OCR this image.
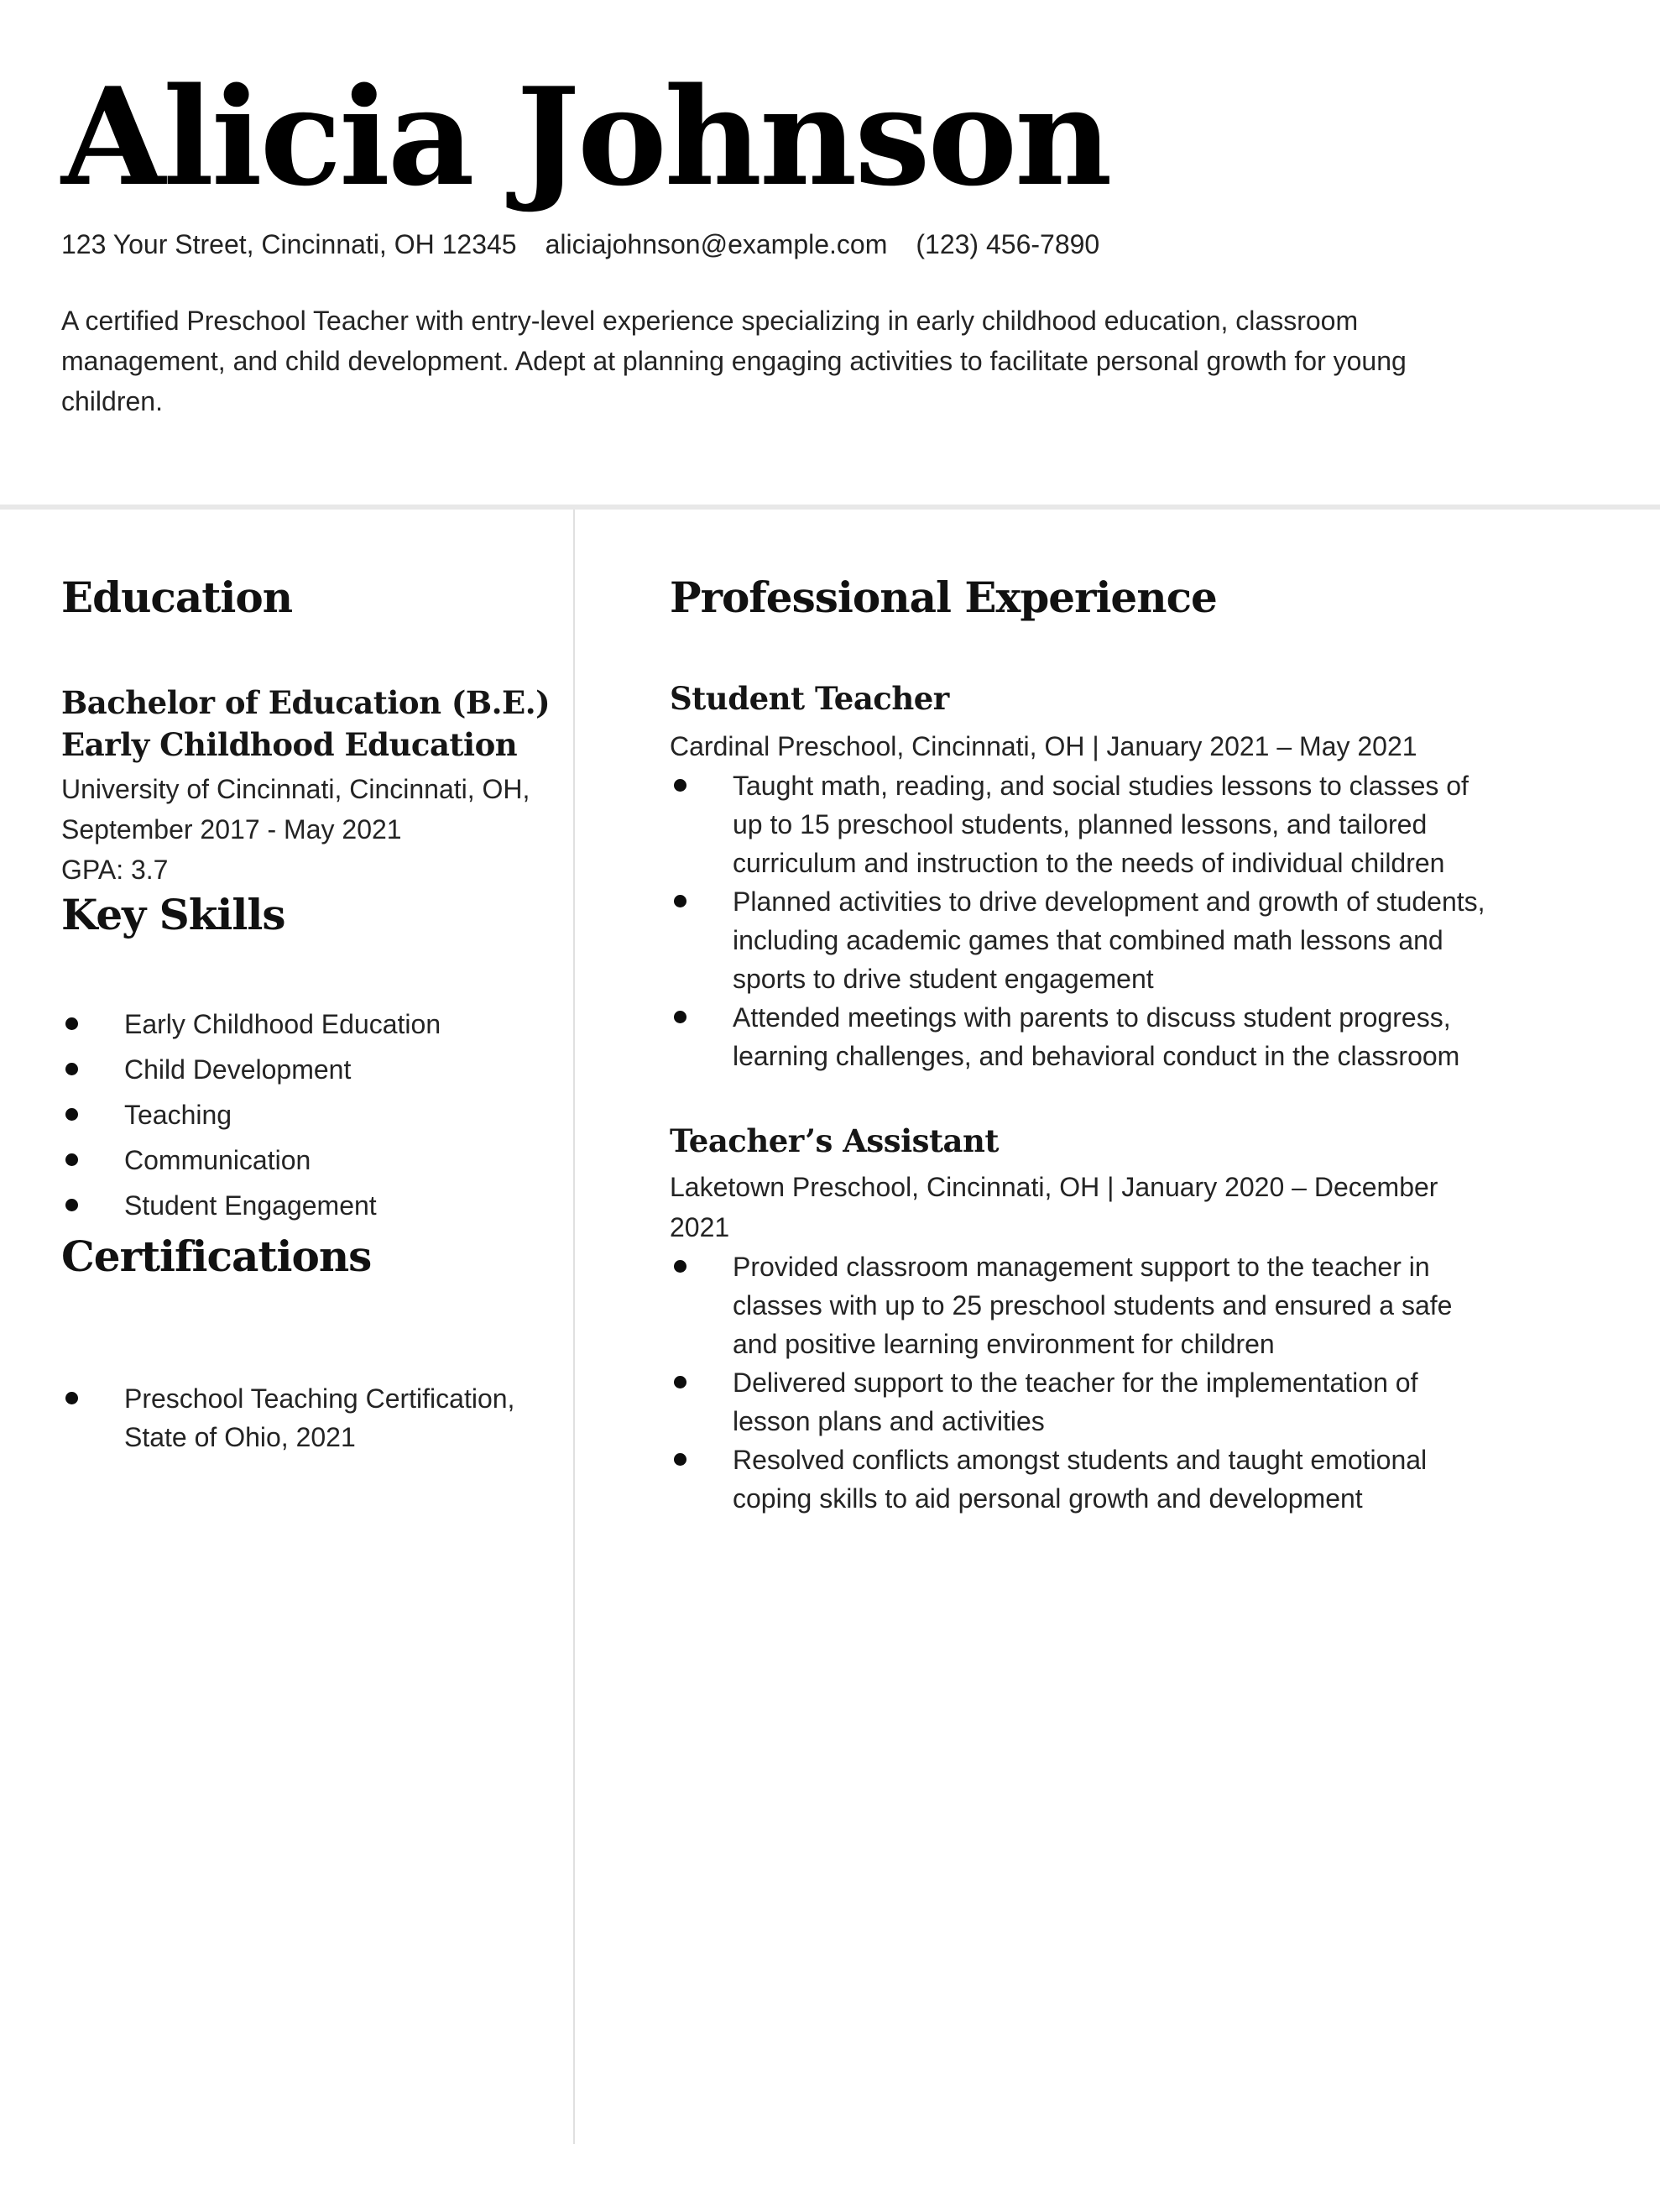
Alicia Johnson
123 Your Street, Cincinnati, OH 12345 aliciajohnson@example.com (123) 456-7890
A certified Preschool Teacher with entry-level experience specializing in early childhood education, classroom management, and child development. Adept at planning engaging activities to facilitate personal growth for young children.
Education
Bachelor of Education (B.E.)
Early Childhood Education
University of Cincinnati, Cincinnati, OH, September 2017 - May 2021
GPA: 3.7
Key Skills
Early Childhood Education
Child Development
Teaching
Communication
Student Engagement
Certifications
Preschool Teaching Certification, State of Ohio, 2021
Professional Experience
Student Teacher
Cardinal Preschool, Cincinnati, OH | January 2021 – May 2021
Taught math, reading, and social studies lessons to classes of up to 15 preschool students, planned lessons, and tailored curriculum and instruction to the needs of individual children
Planned activities to drive development and growth of students, including academic games that combined math lessons and sports to drive student engagement
Attended meetings with parents to discuss student progress, learning challenges, and behavioral conduct in the classroom
Teacher’s Assistant
Laketown Preschool, Cincinnati, OH | January 2020 – December 2021
Provided classroom management support to the teacher in classes with up to 25 preschool students and ensured a safe and positive learning environment for children
Delivered support to the teacher for the implementation of lesson plans and activities
Resolved conflicts amongst students and taught emotional coping skills to aid personal growth and development
